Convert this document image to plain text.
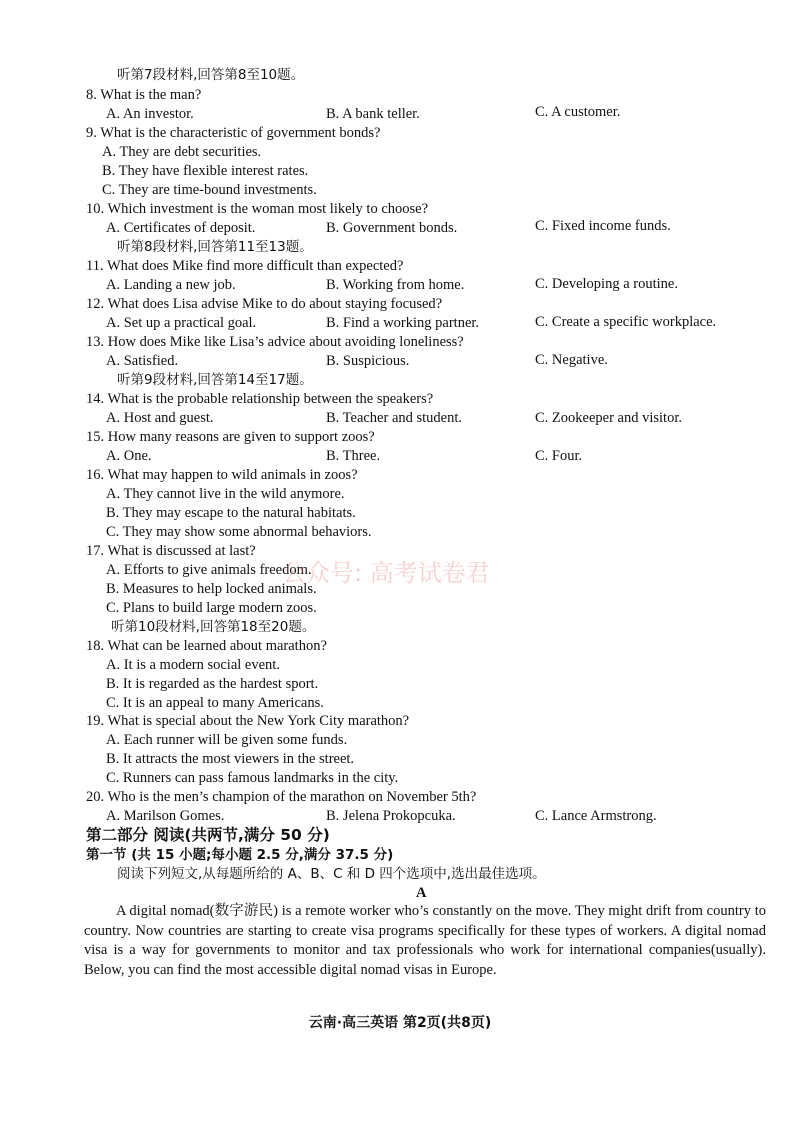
听第7段材料,回答第8至10题。
8. What is the man?
A. An investor.	B. A bank teller.	C. A customer.
9. What is the characteristic of government bonds?
A. They are debt securities.
B. They have flexible interest rates.
C. They are time-bound investments.
10. Which investment is the woman most likely to choose?
A. Certificates of deposit.	B. Government bonds.	C. Fixed income funds.
听第8段材料,回答第11至13题。
11. What does Mike find more difficult than expected?
A. Landing a new job.	B. Working from home.	C. Developing a routine.
12. What does Lisa advise Mike to do about staying focused?
A. Set up a practical goal.	B. Find a working partner.	C. Create a specific workplace.
13. How does Mike like Lisa’s advice about avoiding loneliness?
A. Satisfied.	B. Suspicious.	C. Negative.
听第9段材料,回答第14至17题。
14. What is the probable relationship between the speakers?
A. Host and guest.	B. Teacher and student.	C. Zookeeper and visitor.
15. How many reasons are given to support zoos?
A. One.	B. Three.	C. Four.
16. What may happen to wild animals in zoos?
A. They cannot live in the wild anymore.
B. They may escape to the natural habitats.
C. They may show some abnormal behaviors.
17. What is discussed at last?
A. Efforts to give animals freedom.
B. Measures to help locked animals.
C. Plans to build large modern zoos.
听第10段材料,回答第18至20题。
18. What can be learned about marathon?
A. It is a modern social event.
B. It is regarded as the hardest sport.
C. It is an appeal to many Americans.
19. What is special about the New York City marathon?
A. Each runner will be given some funds.
B. It attracts the most viewers in the street.
C. Runners can pass famous landmarks in the city.
20. Who is the men’s champion of the marathon on November 5th?
A. Marilson Gomes.	B. Jelena Prokopcuka.	C. Lance Armstrong.
第二部分 阅读(共两节,满分 50 分)
第一节 (共 15 小题;每小题 2.5 分,满分 37.5 分)
阅读下列短文,从每题所给的 A、B、C 和 D 四个选项中,选出最佳选项。
A
A digital nomad(数字游民) is a remote worker who’s constantly on the move. They might drift from country to country. Now countries are starting to create visa programs specifically for these types of workers. A digital nomad visa is a way for governments to monitor and tax professionals who work for international companies(usually). Below, you can find the most accessible digital nomad visas in Europe.
公众号: 高考试卷君
云南·高三英语 第2页(共8页)
